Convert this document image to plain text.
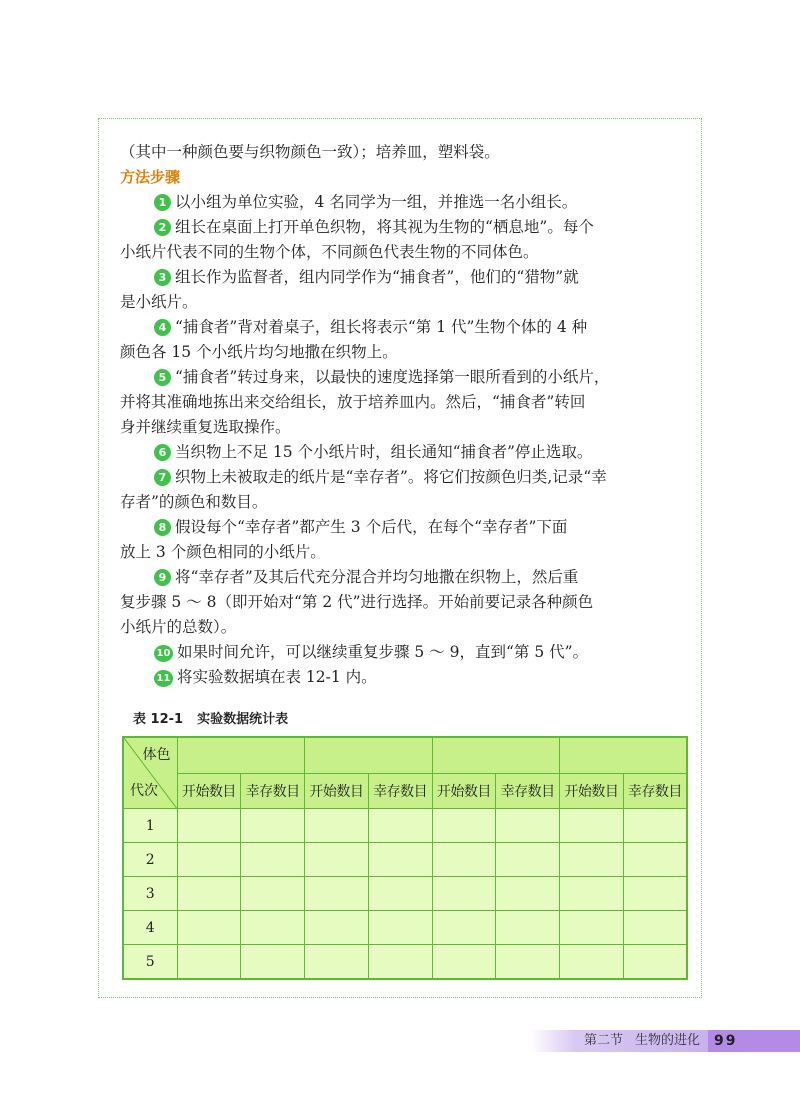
（其中一种颜色要与织物颜色一致）；培养皿，塑料袋。
方法步骤
1 以小组为单位实验，4 名同学为一组，并推选一名小组长。
2 组长在桌面上打开单色织物，将其视为生物的“栖息地”。每个
小纸片代表不同的生物个体，不同颜色代表生物的不同体色。
3 组长作为监督者，组内同学作为“捕食者”，他们的“猎物”就
是小纸片。
4 “捕食者”背对着桌子，组长将表示“第 1 代”生物个体的 4 种
颜色各 15 个小纸片均匀地撒在织物上。
5 “捕食者”转过身来，以最快的速度选择第一眼所看到的小纸片，
并将其准确地拣出来交给组长，放于培养皿内。然后，“捕食者”转回
身并继续重复选取操作。
6 当织物上不足 15 个小纸片时，组长通知“捕食者”停止选取。
7 织物上未被取走的纸片是“幸存者”。将它们按颜色归类,记录“幸
存者”的颜色和数目。
8 假设每个“幸存者”都产生 3 个后代，在每个“幸存者”下面
放上 3 个颜色相同的小纸片。
9 将“幸存者”及其后代充分混合并均匀地撒在织物上，然后重
复步骤 5 ～ 8（即开始对“第 2 代”进行选择。开始前要记录各种颜色
小纸片的总数）。
10 如果时间允许，可以继续重复步骤 5 ～ 9，直到“第 5 代”。
11 将实验数据填在表 12-1 内。
表 12-1 实验数据统计表
体色
代次								

	开始数目	幸存数目	开始数目	幸存数目	开始数目	幸存数目	开始数目	幸存数目
1								
2								
3								
4								
5								
第二节 生物的进化	99
